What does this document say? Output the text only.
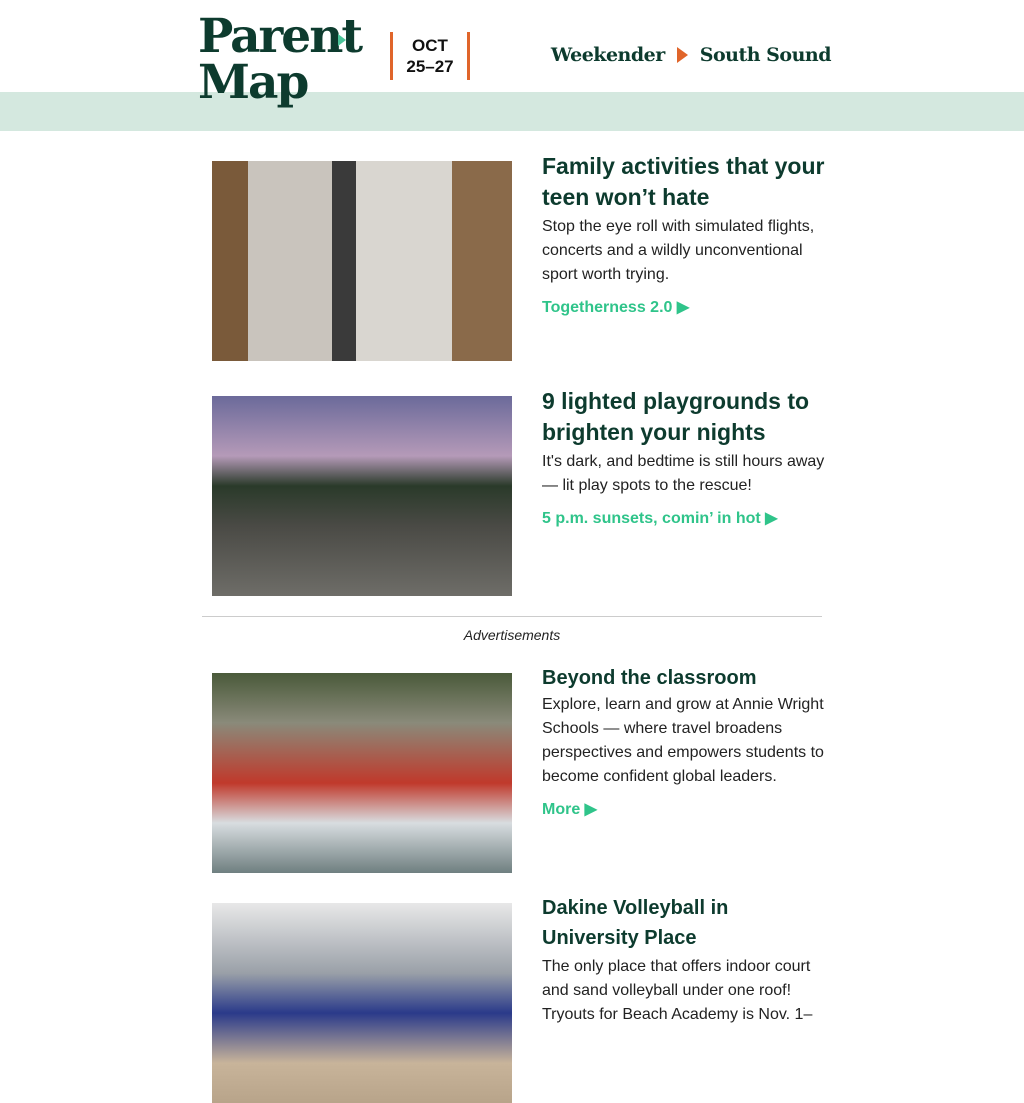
Parent
Map
OCT
25–27
Weekender South Sound
Family activities that your teen won’t hate
Stop the eye roll with simulated flights, concerts and a wildly unconventional sport worth trying.
Togetherness 2.0 ▶
9 lighted playgrounds to brighten your nights
It's dark, and bedtime is still hours away — lit play spots to the rescue!
5 p.m. sunsets, comin’ in hot ▶
Advertisements
Beyond the classroom
Explore, learn and grow at Annie Wright Schools — where travel broadens perspectives and empowers students to become confident global leaders.
More ▶
Dakine Volleyball in University Place
The only place that offers indoor court and sand volleyball under one roof! Tryouts for Beach Academy is Nov. 1–
